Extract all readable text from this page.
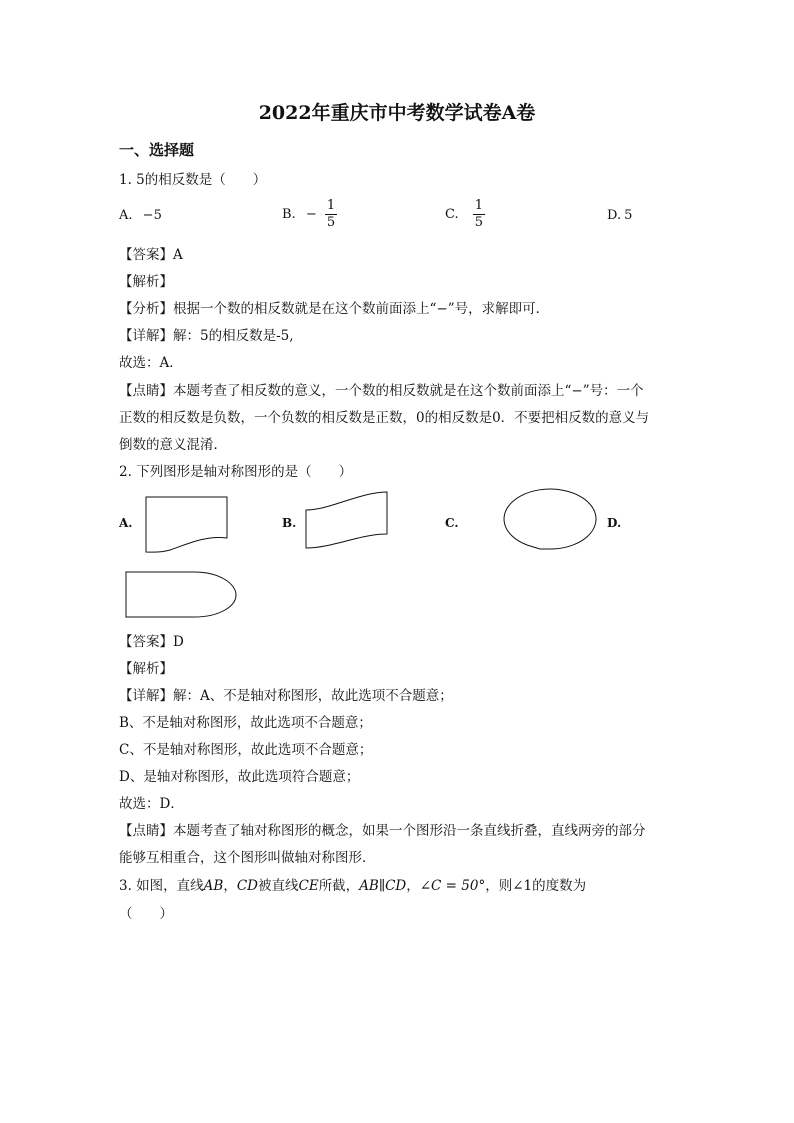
2022年重庆市中考数学试卷A卷
一、选择题
1. 5的相反数是（　　）
A. −5	B. − $\frac{1}{5}$	C. $\frac{1}{5}$	D. 5
【答案】A
【解析】
【分析】根据一个数的相反数就是在这个数前面添上“−”号，求解即可．
【详解】解：5的相反数是-5,
故选：A．
【点睛】本题考查了相反数的意义，一个数的相反数就是在这个数前面添上“−”号：一个
正数的相反数是负数，一个负数的相反数是正数，0的相反数是0．不要把相反数的意义与
倒数的意义混淆．
2. 下列图形是轴对称图形的是（　　）
A.	B.	C.	D.
【答案】D
【解析】
【详解】解：A、不是轴对称图形，故此选项不合题意；
B、不是轴对称图形，故此选项不合题意；
C、不是轴对称图形，故此选项不合题意；
D、是轴对称图形，故此选项符合题意；
故选：D．
【点睛】本题考查了轴对称图形的概念，如果一个图形沿一条直线折叠，直线两旁的部分
能够互相重合，这个图形叫做轴对称图形．
3. 如图，直线AB，CD被直线CE所截，AB∥CD，∠C = 50°，则∠1的度数为
（　　）
